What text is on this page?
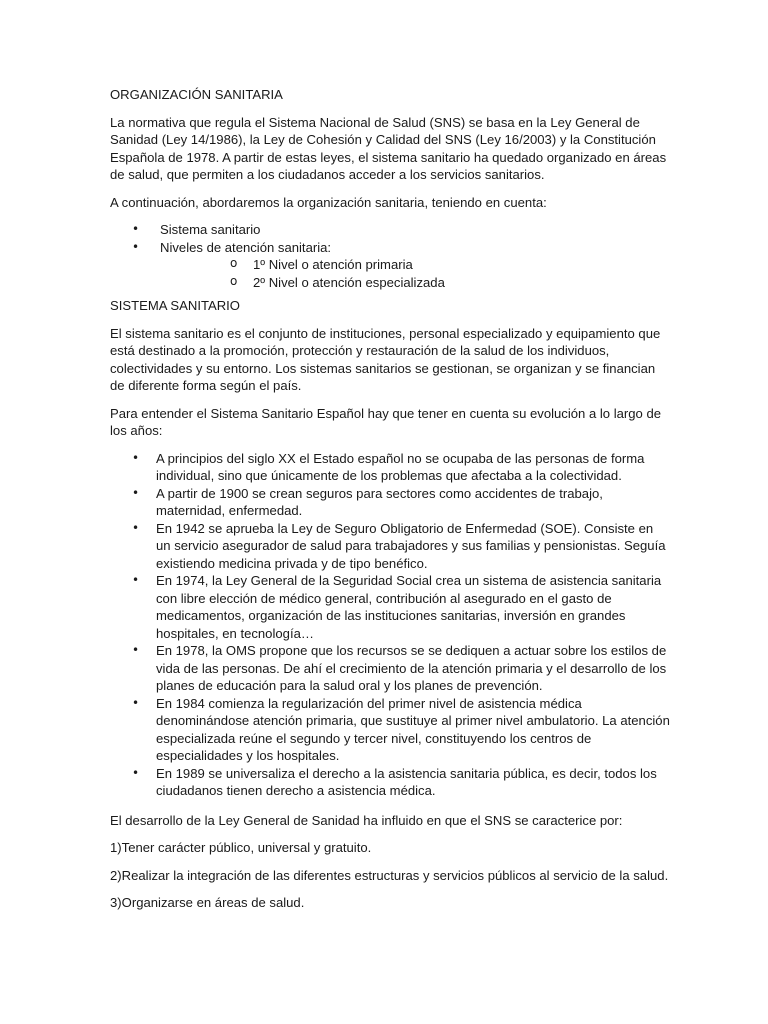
ORGANIZACIÓN SANITARIA

La normativa que regula el Sistema Nacional de Salud (SNS) se basa en la Ley General de Sanidad (Ley 14/1986), la Ley de Cohesión y Calidad del SNS (Ley 16/2003) y la Constitución Española de 1978. A partir de estas leyes, el sistema sanitario ha quedado organizado en áreas de salud, que permiten a los ciudadanos acceder a los servicios sanitarios.

A continuación, abordaremos la organización sanitaria, teniendo en cuenta:

• Sistema sanitario
• Niveles de atención sanitaria:
o 1º Nivel o atención primaria
o 2º Nivel o atención especializada

SISTEMA SANITARIO

El sistema sanitario es el conjunto de instituciones, personal especializado y equipamiento que está destinado a la promoción, protección y restauración de la salud de los individuos, colectividades y su entorno. Los sistemas sanitarios se gestionan, se organizan y se financian de diferente forma según el país.

Para entender el Sistema Sanitario Español hay que tener en cuenta su evolución a lo largo de los años:

• A principios del siglo XX el Estado español no se ocupaba de las personas de forma individual, sino que únicamente de los problemas que afectaba a la colectividad.
• A partir de 1900 se crean seguros para sectores como accidentes de trabajo, maternidad, enfermedad.
• En 1942 se aprueba la Ley de Seguro Obligatorio de Enfermedad (SOE). Consiste en un servicio asegurador de salud para trabajadores y sus familias y pensionistas. Seguía existiendo medicina privada y de tipo benéfico.
• En 1974, la Ley General de la Seguridad Social crea un sistema de asistencia sanitaria con libre elección de médico general, contribución al asegurado en el gasto de medicamentos, organización de las instituciones sanitarias, inversión en grandes hospitales, en tecnología…
• En 1978, la OMS propone que los recursos se se dediquen a actuar sobre los estilos de vida de las personas. De ahí el crecimiento de la atención primaria y el desarrollo de los planes de educación para la salud oral y los planes de prevención.
• En 1984 comienza la regularización del primer nivel de asistencia médica denominándose atención primaria, que sustituye al primer nivel ambulatorio. La atención especializada reúne el segundo y tercer nivel, constituyendo los centros de especialidades y los hospitales.
• En 1989 se universaliza el derecho a la asistencia sanitaria pública, es decir, todos los ciudadanos tienen derecho a asistencia médica.

El desarrollo de la Ley General de Sanidad ha influido en que el SNS se caracterice por:

1)Tener carácter público, universal y gratuito.

2)Realizar la integración de las diferentes estructuras y servicios públicos al servicio de la salud.

3)Organizarse en áreas de salud.
